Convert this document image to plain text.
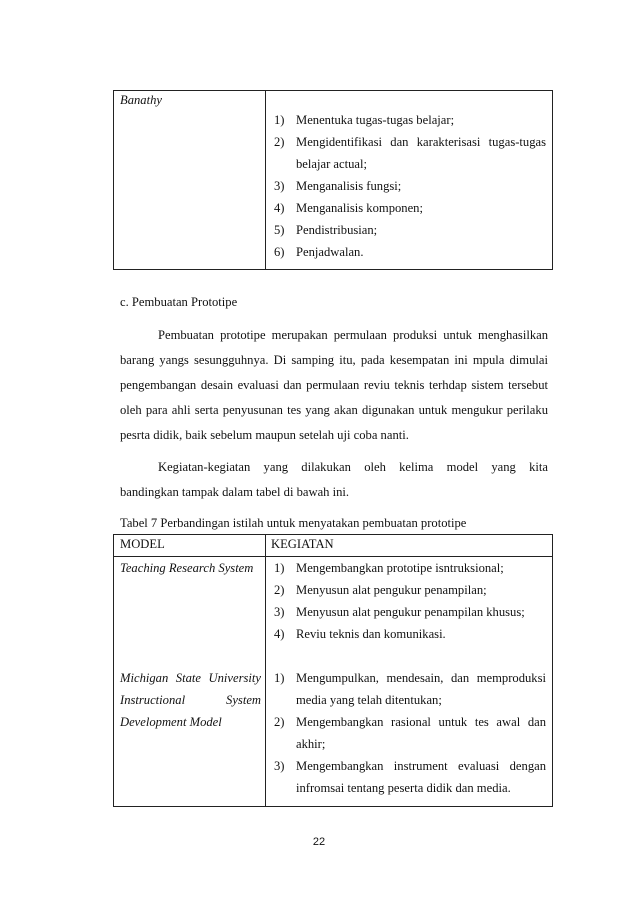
Banathy
1) Menentuka tugas-tugas belajar;
2) Mengidentifikasi dan karakterisasi tugas-tugas
belajar actual;
3) Menganalisis fungsi;
4) Menganalisis komponen;
5) Pendistribusian;
6) Penjadwalan.
c. Pembuatan Prototipe
Pembuatan prototipe merupakan permulaan produksi untuk menghasilkan
barang yangs sesungguhnya. Di samping itu, pada kesempatan ini mpula dimulai
pengembangan desain evaluasi dan permulaan reviu teknis terhdap sistem tersebut
oleh para ahli serta penyusunan tes yang akan digunakan untuk mengukur perilaku
pesrta didik, baik sebelum maupun setelah uji coba nanti.
Kegiatan-kegiatan yang dilakukan oleh kelima model yang kita
bandingkan tampak dalam tabel di bawah ini.
Tabel 7 Perbandingan istilah untuk menyatakan pembuatan prototipe
MODEL	KEGIATAN
Teaching Research System	1) Mengembangkan prototipe isntruksional;
2) Menyusun alat pengukur penampilan;
3) Menyusun alat pengukur penampilan khusus;
4) Reviu teknis dan komunikasi.
Michigan State University
Instructional System
Development Model
1) Mengumpulkan, mendesain, dan memproduksi
media yang telah ditentukan;
2) Mengembangkan rasional untuk tes awal dan
akhir;
3) Mengembangkan instrument evaluasi dengan
infromsai tentang peserta didik dan media.
22
